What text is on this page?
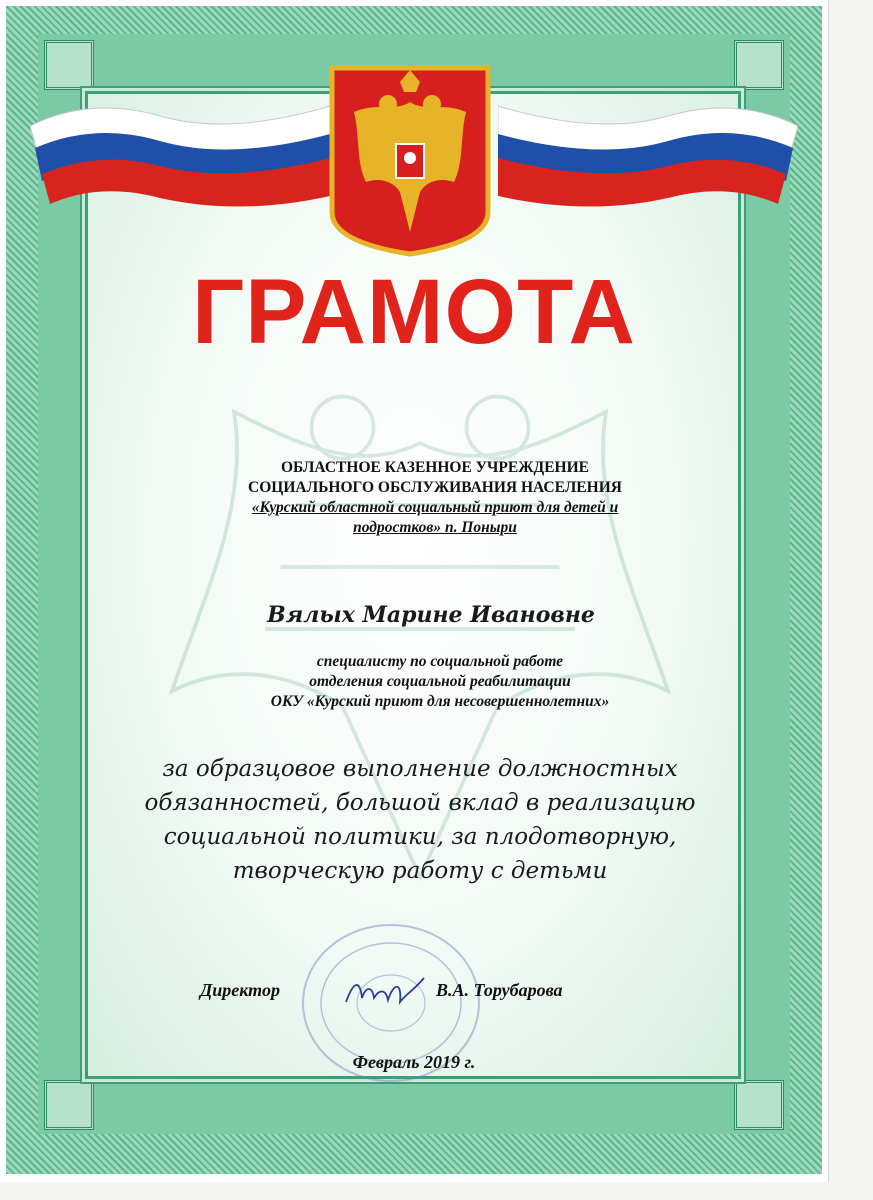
ГРАМОТА
ОБЛАСТНОЕ КАЗЕННОЕ УЧРЕЖДЕНИЕ
СОЦИАЛЬНОГО ОБСЛУЖИВАНИЯ НАСЕЛЕНИЯ
«Курский областной социальный приют для детей и
подростков» п. Поныри
Вялых Марине Ивановне
специалисту по социальной работе
отделения социальной реабилитации
ОКУ «Курский приют для несовершеннолетних»
за образцовое выполнение должностных
обязанностей, большой вклад в реализацию
социальной политики, за плодотворную,
творческую работу с детьми
Директор	В.А. Торубарова
Февраль 2019 г.
